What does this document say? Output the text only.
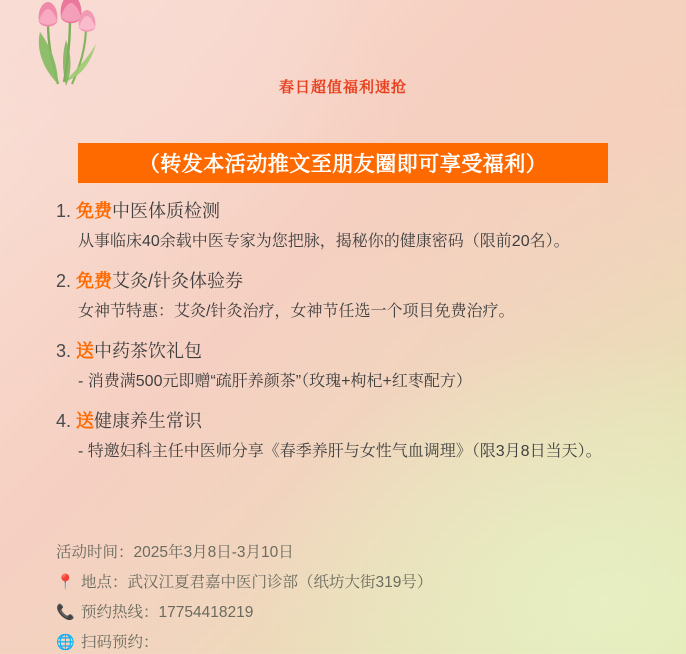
春日超值福利速抢
（转发本活动推文至朋友圈即可享受福利）
1. 免费中医体质检测
从事临床40余载中医专家为您把脉，揭秘你的健康密码（限前20名）。
2. 免费艾灸/针灸体验券
女神节特惠：艾灸/针灸治疗，女神节任选一个项目免费治疗。
3. 送中药茶饮礼包
- 消费满500元即赠“疏肝养颜茶”（玫瑰+枸杞+红枣配方）
4. 送健康养生常识
- 特邀妇科主任中医师分享《春季养肝与女性气血调理》（限3月8日当天）。
活动时间：2025年3月8日-3月10日
📍 地点：武汉江夏君嘉中医门诊部（纸坊大街319号）
📞 预约热线：17754418219
🌐 扫码预约：
